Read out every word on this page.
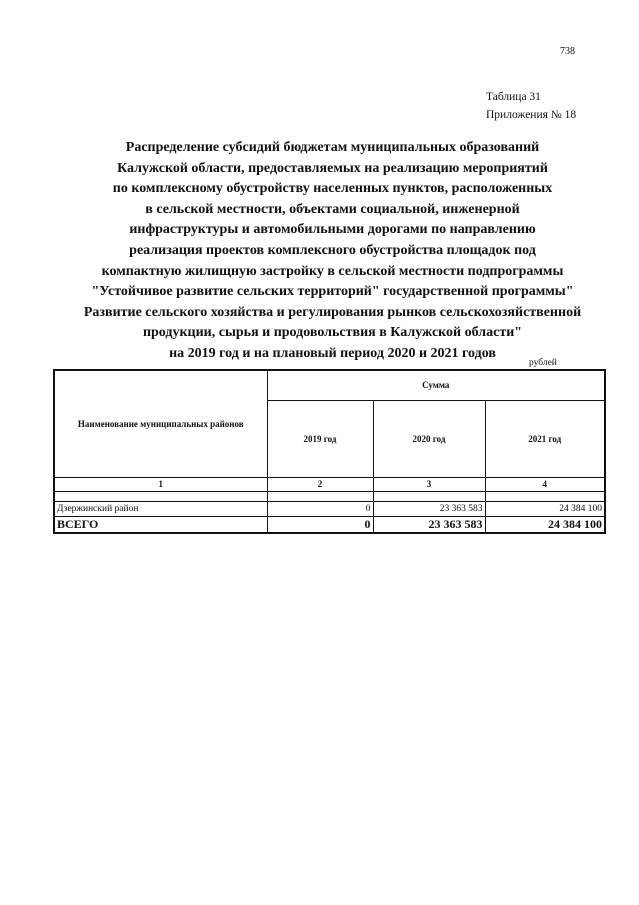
738
Таблица 31
Приложения № 18
Распределение субсидий бюджетам муниципальных образований
Калужской области, предоставляемых на реализацию мероприятий
по комплексному обустройству населенных пунктов, расположенных
в сельской местности, объектами социальной, инженерной
инфраструктуры и автомобильными дорогами по направлению
реализация проектов комплексного обустройства площадок под
компактную жилищную застройку в сельской местности подпрограммы
"Устойчивое развитие сельских территорий" государственной программы"
Развитие сельского хозяйства и регулирования рынков сельскохозяйственной
продукции, сырья и продовольствия в Калужской области"
на 2019 год и на плановый период 2020 и 2021 годов
рублей
Наименование муниципальных районов	Сумма		
	2019 год	2020 год	2021 год
1	2	3	4

Дзержинский район	0	23 363 583	24 384 100
ВСЕГО	0	23 363 583	24 384 100
